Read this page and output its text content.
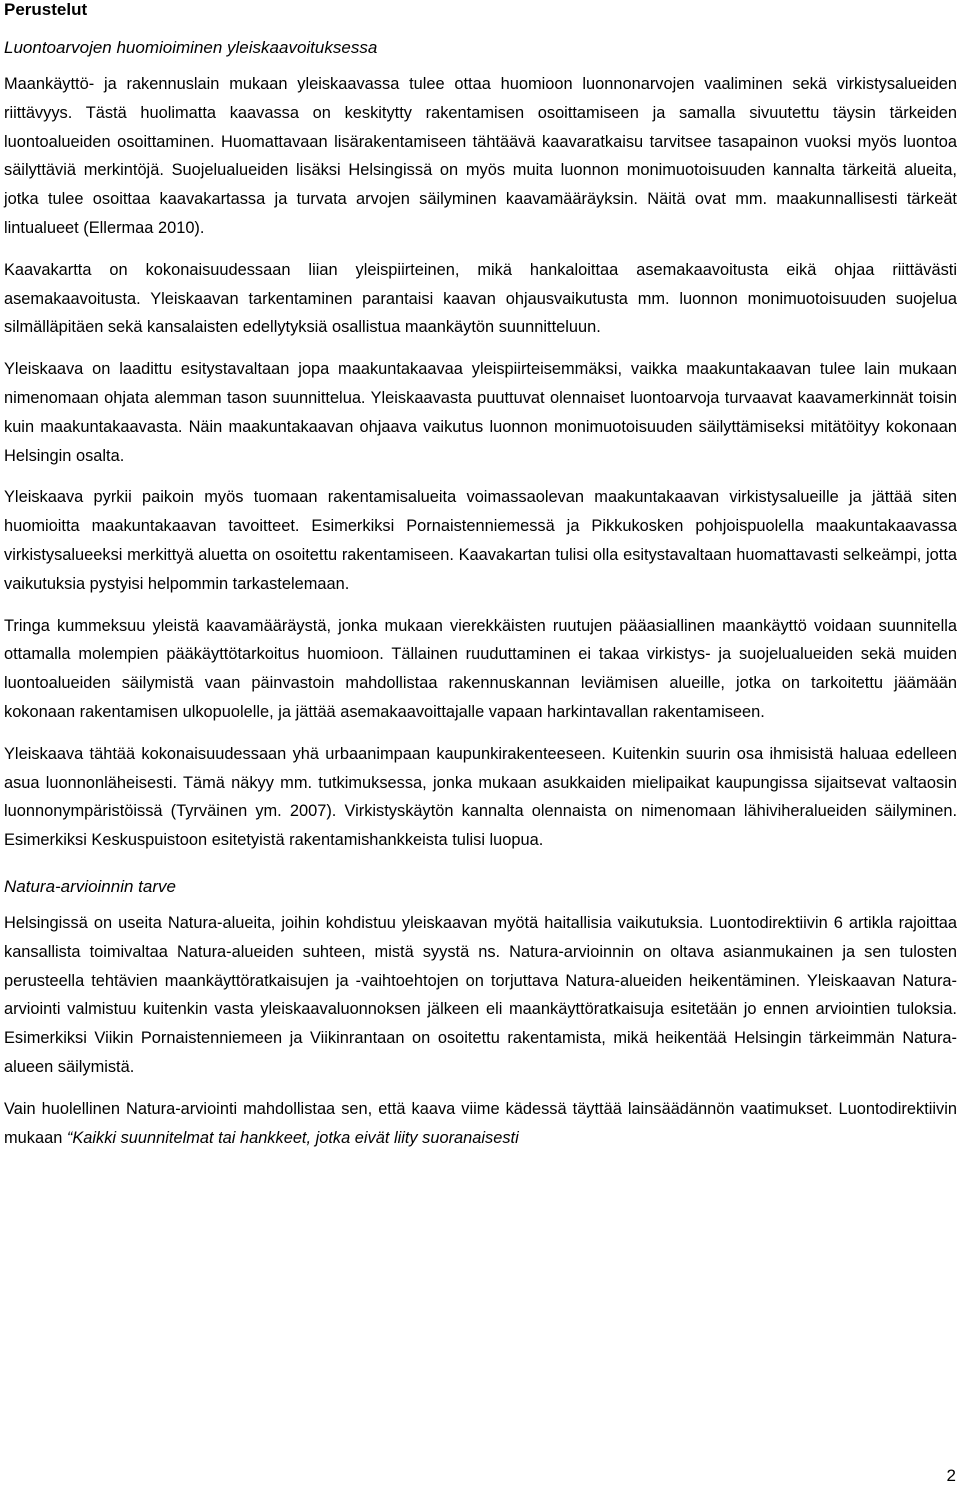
Perustelut
Luontoarvojen huomioiminen yleiskaavoituksessa

Maankäyttö- ja rakennuslain mukaan yleiskaavassa tulee ottaa huomioon luonnonarvojen vaaliminen sekä virkistysalueiden riittävyys. Tästä huolimatta kaavassa on keskitytty rakentamisen osoittamiseen ja samalla sivuutettu täysin tärkeiden luontoalueiden osoittaminen. Huomattavaan lisärakentamiseen tähtäävä kaavaratkaisu tarvitsee tasapainon vuoksi myös luontoa säilyttäviä merkintöjä. Suojelualueiden lisäksi Helsingissä on myös muita luonnon monimuotoisuuden kannalta tärkeitä alueita, jotka tulee osoittaa kaavakartassa ja turvata arvojen säilyminen kaavamääräyksin. Näitä ovat mm. maakunnallisesti tärkeät lintualueet (Ellermaa 2010).

Kaavakartta on kokonaisuudessaan liian yleispiirteinen, mikä hankaloittaa asemakaavoitusta eikä ohjaa riittävästi asemakaavoitusta. Yleiskaavan tarkentaminen parantaisi kaavan ohjausvaikutusta mm. luonnon monimuotoisuuden suojelua silmälläpitäen sekä kansalaisten edellytyksiä osallistua maankäytön suunnitteluun.

Yleiskaava on laadittu esitystavaltaan jopa maakuntakaavaa yleispiirteisemmäksi, vaikka maakuntakaavan tulee lain mukaan nimenomaan ohjata alemman tason suunnittelua. Yleiskaavasta puuttuvat olennaiset luontoarvoja turvaavat kaavamerkinnät toisin kuin maakuntakaavasta. Näin maakuntakaavan ohjaava vaikutus luonnon monimuotoisuuden säilyttämiseksi mitätöityy kokonaan Helsingin osalta.

Yleiskaava pyrkii paikoin myös tuomaan rakentamisalueita voimassaolevan maakuntakaavan virkistysalueille ja jättää siten huomioitta maakuntakaavan tavoitteet. Esimerkiksi Pornaistenniemessä ja Pikkukosken pohjoispuolella maakuntakaavassa virkistysalueeksi merkittyä aluetta on osoitettu rakentamiseen. Kaavakartan tulisi olla esitystavaltaan huomattavasti selkeämpi, jotta vaikutuksia pystyisi helpommin tarkastelemaan.

Tringa kummeksuu yleistä kaavamääräystä, jonka mukaan vierekkäisten ruutujen pääasiallinen maankäyttö voidaan suunnitella ottamalla molempien pääkäyttötarkoitus huomioon. Tällainen ruuduttaminen ei takaa virkistys- ja suojelualueiden sekä muiden luontoalueiden säilymistä vaan päinvastoin mahdollistaa rakennuskannan leviämisen alueille, jotka on tarkoitettu jäämään kokonaan rakentamisen ulkopuolelle, ja jättää asemakaavoittajalle vapaan harkintavallan rakentamiseen.

Yleiskaava tähtää kokonaisuudessaan yhä urbaanimpaan kaupunkirakenteeseen. Kuitenkin suurin osa ihmisistä haluaa edelleen asua luonnonläheisesti. Tämä näkyy mm. tutkimuksessa, jonka mukaan asukkaiden mielipaikat kaupungissa sijaitsevat valtaosin luonnonympäristöissä (Tyrväinen ym. 2007). Virkistyskäytön kannalta olennaista on nimenomaan lähiviheralueiden säilyminen. Esimerkiksi Keskuspuistoon esitetyistä rakentamishankkeista tulisi luopua.

Natura-arvioinnin tarve

Helsingissä on useita Natura-alueita, joihin kohdistuu yleiskaavan myötä haitallisia vaikutuksia. Luontodirektiivin 6 artikla rajoittaa kansallista toimivaltaa Natura-alueiden suhteen, mistä syystä ns. Natura-arvioinnin on oltava asianmukainen ja sen tulosten perusteella tehtävien maankäyttöratkaisujen ja -vaihtoehtojen on torjuttava Natura-alueiden heikentäminen. Yleiskaavan Natura-arviointi valmistuu kuitenkin vasta yleiskaavaluonnoksen jälkeen eli maankäyttöratkaisuja esitetään jo ennen arviointien tuloksia. Esimerkiksi Viikin Pornaistenniemeen ja Viikinrantaan on osoitettu rakentamista, mikä heikentää Helsingin tärkeimmän Natura-alueen säilymistä.

Vain huolellinen Natura-arviointi mahdollistaa sen, että kaava viime kädessä täyttää lainsäädännön vaatimukset. Luontodirektiivin mukaan “Kaikki suunnitelmat tai hankkeet, jotka eivät liity suoranaisesti

2
